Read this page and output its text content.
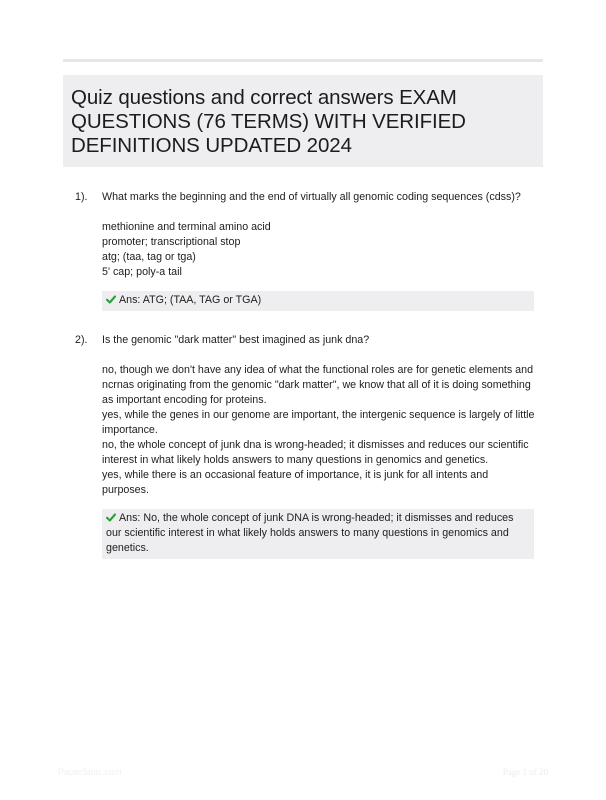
Quiz questions and correct answers EXAM QUESTIONS (76 TERMS) WITH VERIFIED DEFINITIONS UPDATED 2024
1).	What marks the beginning and the end of virtually all genomic coding sequences (cdss)?

methionine and terminal amino acid
promoter; transcriptional stop
atg; (taa, tag or tga)
5' cap; poly-a tail
Ans: ATG; (TAA, TAG or TGA)
2).	Is the genomic "dark matter" best imagined as junk dna?

no, though we don't have any idea of what the functional roles are for genetic elements and ncrnas originating from the genomic "dark matter", we know that all of it is doing something as important encoding for proteins.
yes, while the genes in our genome are important, the intergenic sequence is largely of little importance.
no, the whole concept of junk dna is wrong-headed; it dismisses and reduces our scientific interest in what likely holds answers to many questions in genomics and genetics.
yes, while there is an occasional feature of importance, it is junk for all intents and purposes.
Ans: No, the whole concept of junk DNA is wrong-headed; it dismisses and reduces our scientific interest in what likely holds answers to many questions in genomics and genetics.
PaperStoic.com	Page 1 of 20
